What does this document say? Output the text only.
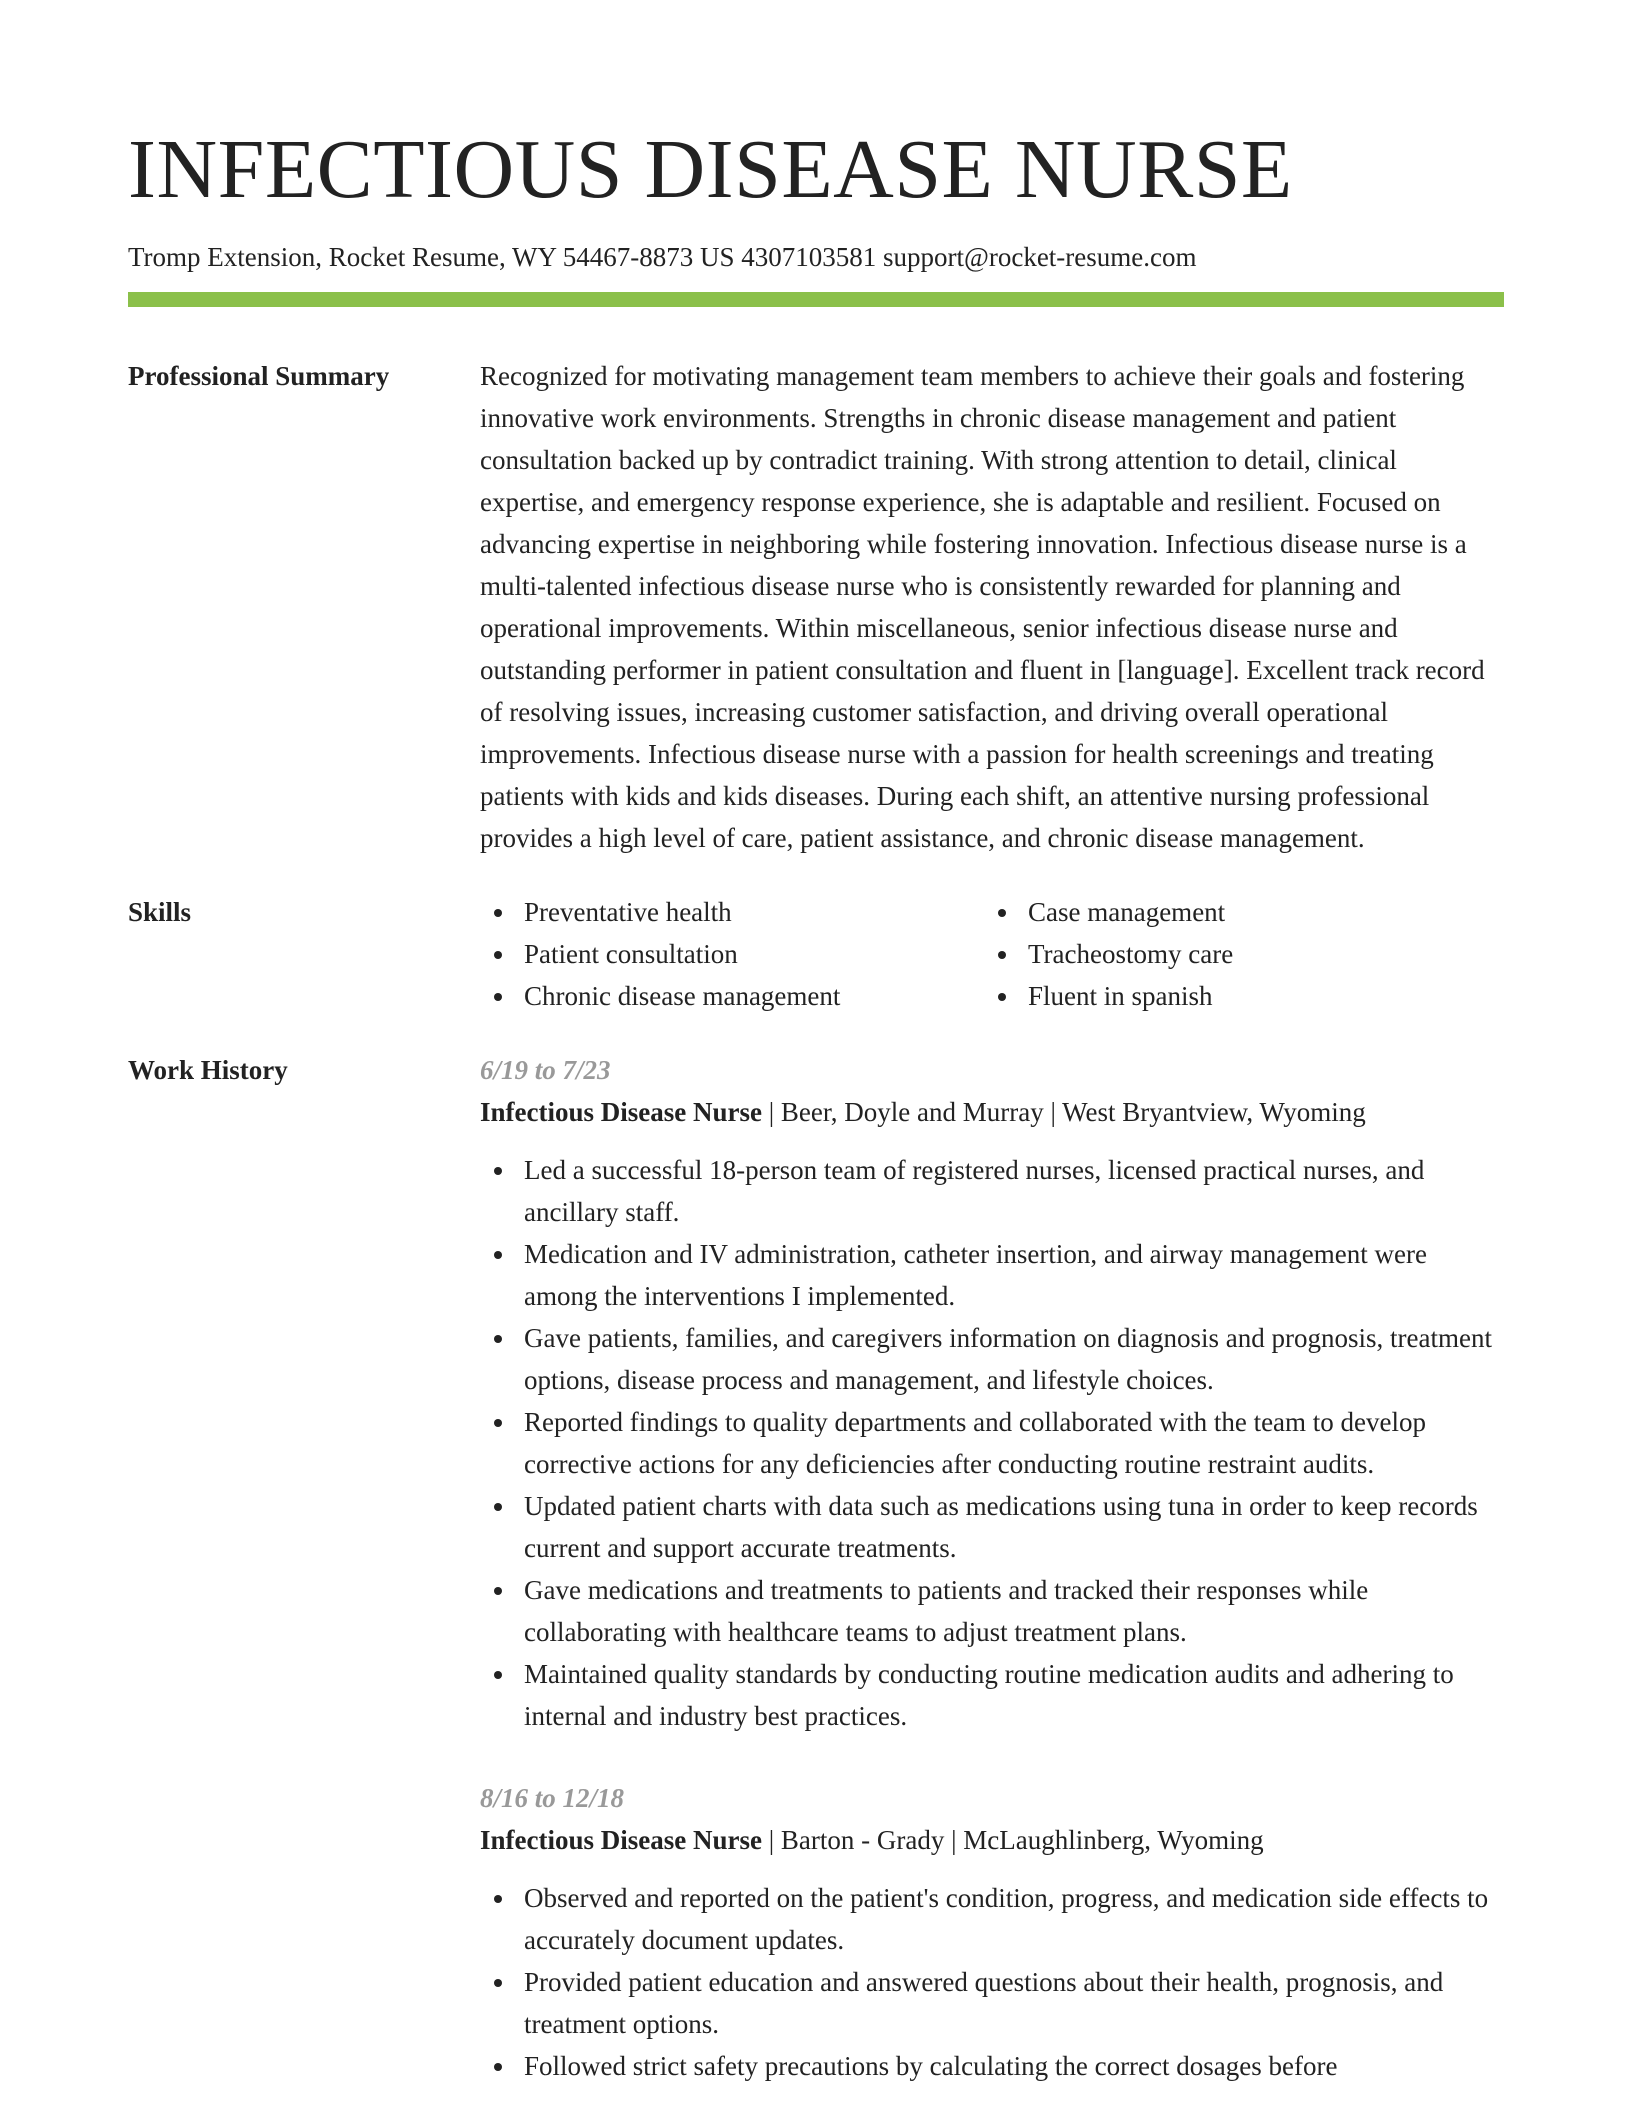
INFECTIOUS DISEASE NURSE
Tromp Extension, Rocket Resume, WY 54467-8873 US 4307103581 support@rocket-resume.com
Professional Summary	Recognized for motivating management team members to achieve their goals and fostering innovative work environments. Strengths in chronic disease management and patient consultation backed up by contradict training. With strong attention to detail, clinical expertise, and emergency response experience, she is adaptable and resilient. Focused on advancing expertise in neighboring while fostering innovation. Infectious disease nurse is a multi-talented infectious disease nurse who is consistently rewarded for planning and operational improvements. Within miscellaneous, senior infectious disease nurse and outstanding performer in patient consultation and fluent in [language]. Excellent track record of resolving issues, increasing customer satisfaction, and driving overall operational improvements. Infectious disease nurse with a passion for health screenings and treating patients with kids and kids diseases. During each shift, an attentive nursing professional provides a high level of care, patient assistance, and chronic disease management.
Skills	Preventative health
Patient consultation
Chronic disease management
Case management
Tracheostomy care
Fluent in spanish
Work History	6/19 to 7/23
Infectious Disease Nurse | Beer, Doyle and Murray | West Bryantview, Wyoming
Led a successful 18-person team of registered nurses, licensed practical nurses, and ancillary staff.
Medication and IV administration, catheter insertion, and airway management were among the interventions I implemented.
Gave patients, families, and caregivers information on diagnosis and prognosis, treatment options, disease process and management, and lifestyle choices.
Reported findings to quality departments and collaborated with the team to develop corrective actions for any deficiencies after conducting routine restraint audits.
Updated patient charts with data such as medications using tuna in order to keep records current and support accurate treatments.
Gave medications and treatments to patients and tracked their responses while collaborating with healthcare teams to adjust treatment plans.
Maintained quality standards by conducting routine medication audits and adhering to internal and industry best practices.
8/16 to 12/18
Infectious Disease Nurse | Barton - Grady | McLaughlinberg, Wyoming
Observed and reported on the patient's condition, progress, and medication side effects to accurately document updates.
Provided patient education and answered questions about their health, prognosis, and treatment options.
Followed strict safety precautions by calculating the correct dosages before
